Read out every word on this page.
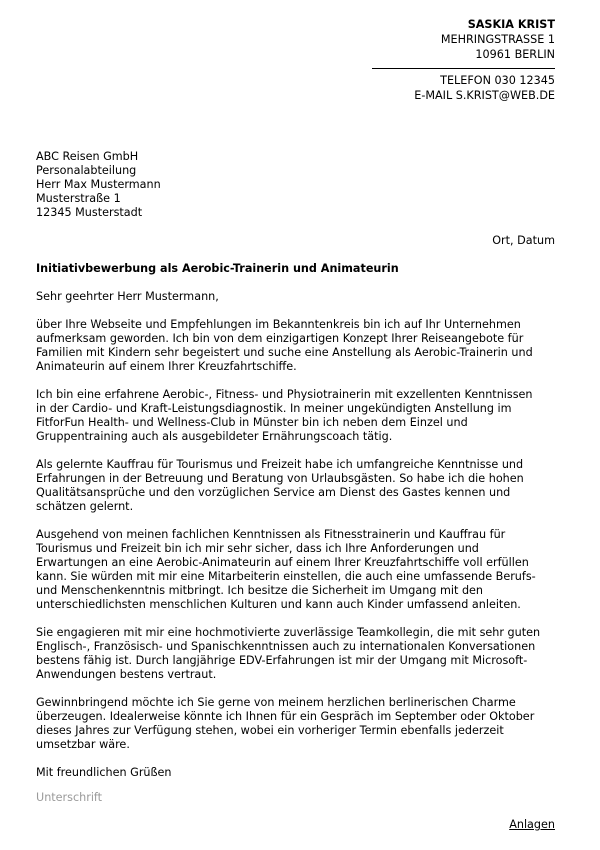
SASKIA KRIST
MEHRINGSTRASSE 1
10961 BERLIN
TELEFON 030 12345
E-MAIL S.KRIST@WEB.DE
ABC Reisen GmbH
Personalabteilung
Herr Max Mustermann
Musterstraße 1
12345 Musterstadt
Ort, Datum
Initiativbewerbung als Aerobic-Trainerin und Animateurin

Sehr geehrter Herr Mustermann,

über Ihre Webseite und Empfehlungen im Bekanntenkreis bin ich auf Ihr Unternehmen
aufmerksam geworden. Ich bin von dem einzigartigen Konzept Ihrer Reiseangebote für
Familien mit Kindern sehr begeistert und suche eine Anstellung als Aerobic-Trainerin und
Animateurin auf einem Ihrer Kreuzfahrtschiffe.

Ich bin eine erfahrene Aerobic-, Fitness- und Physiotrainerin mit exzellenten Kenntnissen
in der Cardio- und Kraft-Leistungsdiagnostik. In meiner ungekündigten Anstellung im
FitforFun Health- und Wellness-Club in Münster bin ich neben dem Einzel und
Gruppentraining auch als ausgebildeter Ernährungscoach tätig.

Als gelernte Kauffrau für Tourismus und Freizeit habe ich umfangreiche Kenntnisse und
Erfahrungen in der Betreuung und Beratung von Urlaubsgästen. So habe ich die hohen
Qualitätsansprüche und den vorzüglichen Service am Dienst des Gastes kennen und
schätzen gelernt.

Ausgehend von meinen fachlichen Kenntnissen als Fitnesstrainerin und Kauffrau für
Tourismus und Freizeit bin ich mir sehr sicher, dass ich Ihre Anforderungen und
Erwartungen an eine Aerobic-Animateurin auf einem Ihrer Kreuzfahrtschiffe voll erfüllen
kann. Sie würden mit mir eine Mitarbeiterin einstellen, die auch eine umfassende Berufs-
und Menschenkenntnis mitbringt. Ich besitze die Sicherheit im Umgang mit den
unterschiedlichsten menschlichen Kulturen und kann auch Kinder umfassend anleiten.

Sie engagieren mit mir eine hochmotivierte zuverlässige Teamkollegin, die mit sehr guten
Englisch-, Französisch- und Spanischkenntnissen auch zu internationalen Konversationen
bestens fähig ist. Durch langjährige EDV-Erfahrungen ist mir der Umgang mit Microsoft-
Anwendungen bestens vertraut.

Gewinnbringend möchte ich Sie gerne von meinem herzlichen berlinerischen Charme
überzeugen. Idealerweise könnte ich Ihnen für ein Gespräch im September oder Oktober
dieses Jahres zur Verfügung stehen, wobei ein vorheriger Termin ebenfalls jederzeit
umsetzbar wäre.

Mit freundlichen Grüßen

Unterschrift
Anlagen
